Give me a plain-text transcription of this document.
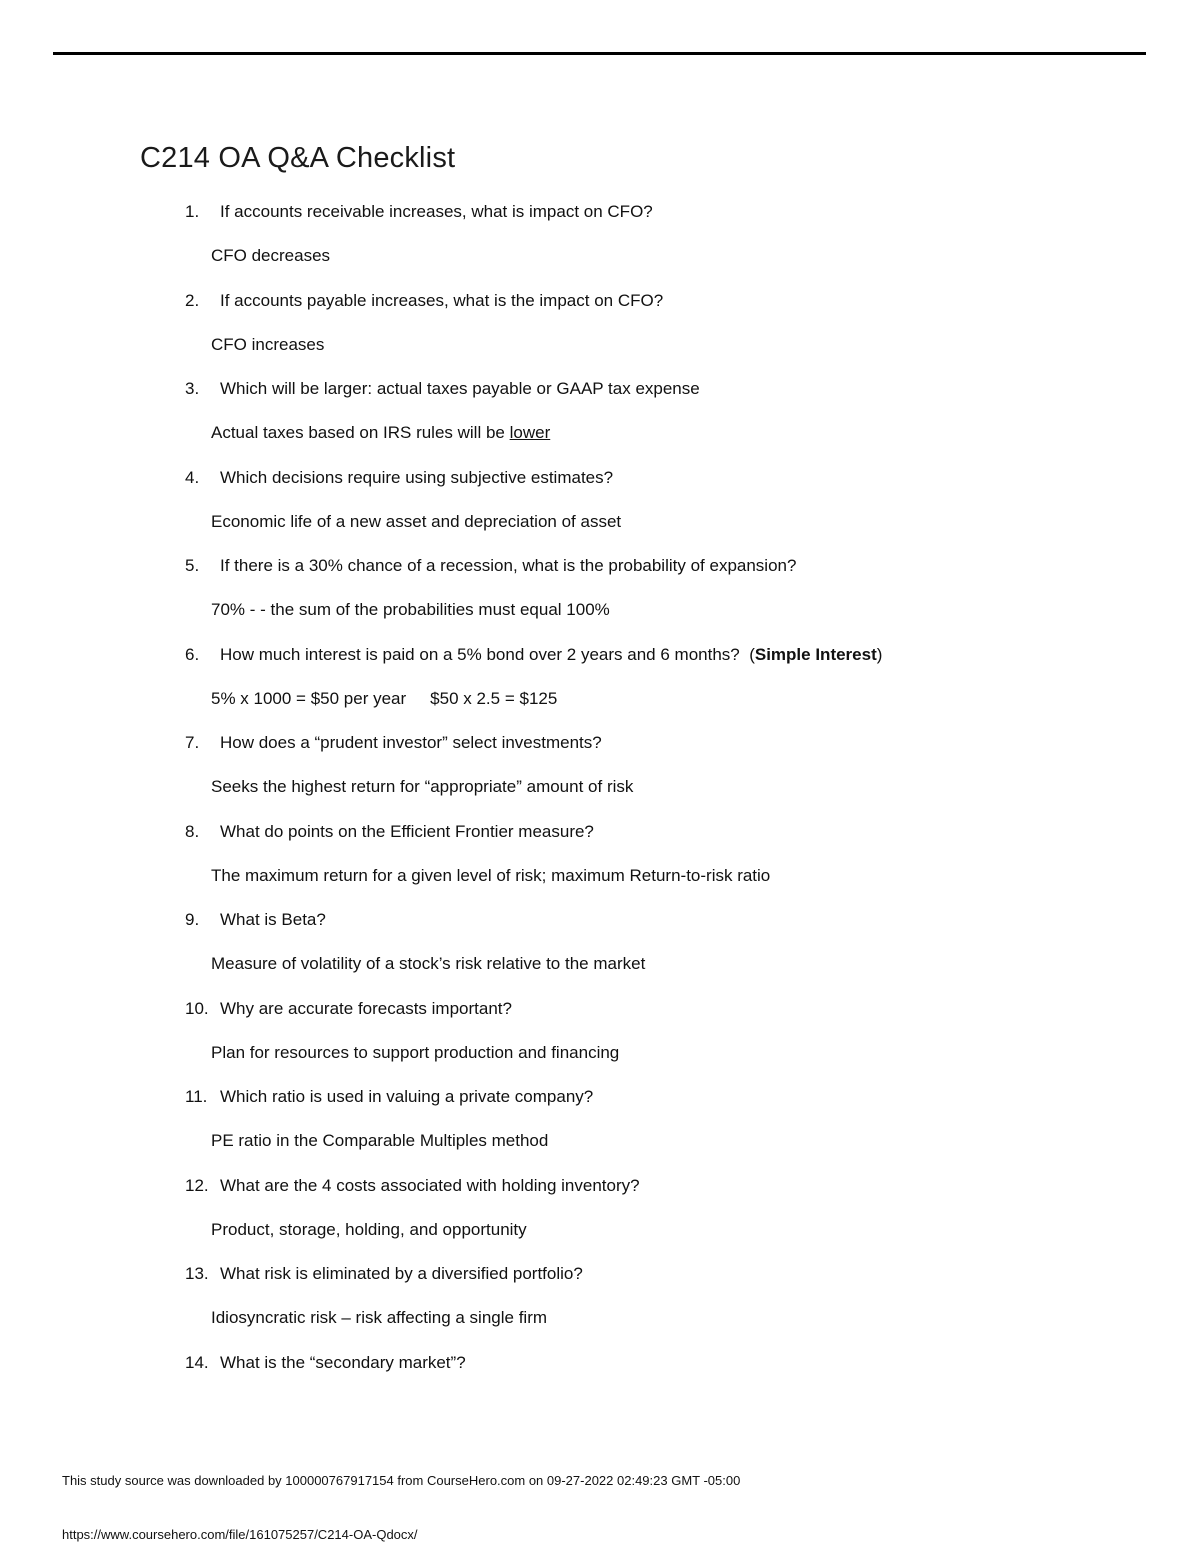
C214 OA Q&A Checklist
1. If accounts receivable increases, what is impact on CFO?
CFO decreases
2. If accounts payable increases, what is the impact on CFO?
CFO increases
3. Which will be larger: actual taxes payable or GAAP tax expense
Actual taxes based on IRS rules will be lower
4. Which decisions require using subjective estimates?
Economic life of a new asset and depreciation of asset
5. If there is a 30% chance of a recession, what is the probability of expansion?
70% - - the sum of the probabilities must equal 100%
6. How much interest is paid on a 5% bond over 2 years and 6 months? (Simple Interest)
5% x 1000 = $50 per year $50 x 2.5 = $125
7. How does a “prudent investor” select investments?
Seeks the highest return for “appropriate” amount of risk
8. What do points on the Efficient Frontier measure?
The maximum return for a given level of risk; maximum Return-to-risk ratio
9. What is Beta?
Measure of volatility of a stock’s risk relative to the market
10. Why are accurate forecasts important?
Plan for resources to support production and financing
11. Which ratio is used in valuing a private company?
PE ratio in the Comparable Multiples method
12. What are the 4 costs associated with holding inventory?
Product, storage, holding, and opportunity
13. What risk is eliminated by a diversified portfolio?
Idiosyncratic risk – risk affecting a single firm
14. What is the “secondary market”?
This study source was downloaded by 100000767917154 from CourseHero.com on 09-27-2022 02:49:23 GMT -05:00
https://www.coursehero.com/file/161075257/C214-OA-Qdocx/
